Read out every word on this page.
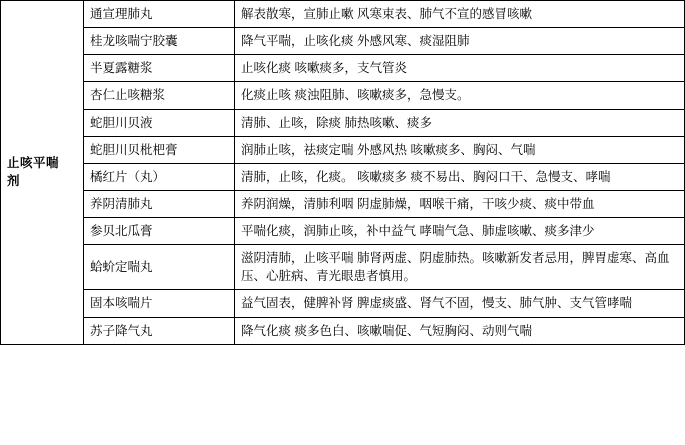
止咳平喘剂	通宣理肺丸	解表散寒，宣肺止嗽 风寒束表、肺气不宣的感冒咳嗽
	桂龙咳喘宁胶囊	降气平喘，止咳化痰 外感风寒、痰湿阻肺
	半夏露糖浆	止咳化痰 咳嗽痰多，支气管炎
	杏仁止咳糖浆	化痰止咳 痰浊阻肺、咳嗽痰多，急慢支。
	蛇胆川贝液	清肺、止咳，除痰 肺热咳嗽、痰多
	蛇胆川贝枇杷膏	润肺止咳，祛痰定喘 外感风热 咳嗽痰多、胸闷、气喘
	橘红片（丸）	清肺，止咳，化痰。 咳嗽痰多 痰不易出、胸闷口干、急慢支、哮喘
	养阴清肺丸	养阴润燥，清肺利咽 阴虚肺燥，咽喉干痛，干咳少痰、痰中带血
	参贝北瓜膏	平喘化痰，润肺止咳，补中益气 哮喘气急、肺虚咳嗽、痰多津少
	蛤蚧定喘丸	滋阴清肺，止咳平喘 肺肾两虚、阴虚肺热。咳嗽新发者忌用，脾胃虚寒、高血压、心脏病、青光眼患者慎用。
	固本咳喘片	益气固表，健脾补肾 脾虚痰盛、肾气不固，慢支、肺气肿、支气管哮喘
	苏子降气丸	降气化痰 痰多色白、咳嗽喘促、气短胸闷、动则气喘
